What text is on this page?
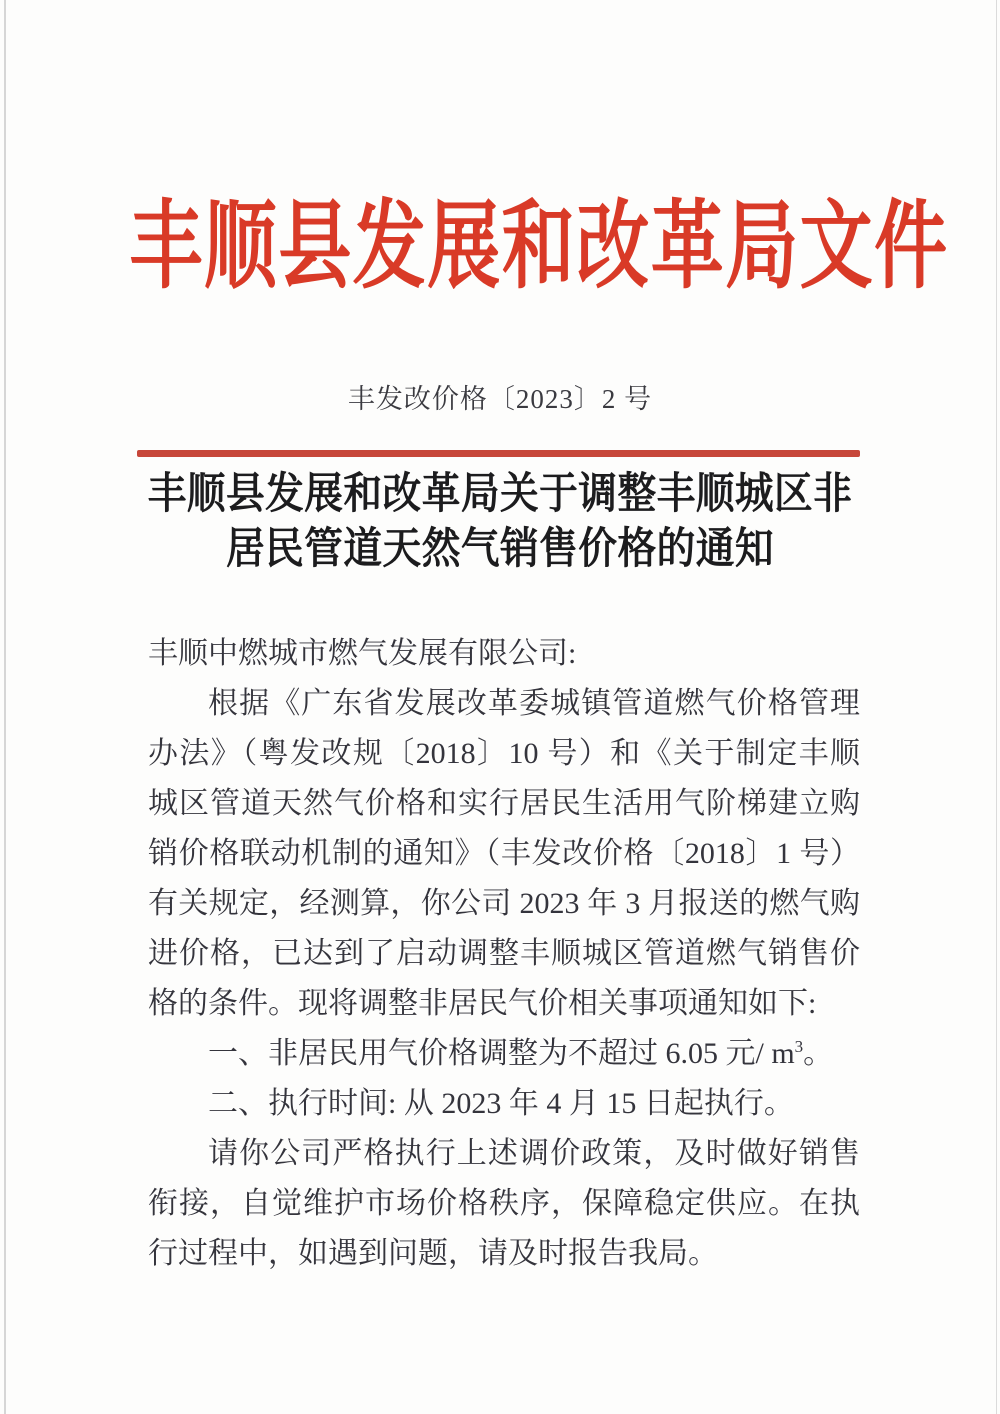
丰顺县发展和改革局文件
丰发改价格〔2023〕2 号
丰顺县发展和改革局关于调整丰顺城区非
居民管道天然气销售价格的通知

丰顺中燃城市燃气发展有限公司:

根据《广东省发展改革委城镇管道燃气价格管理办法》（粤发改规〔2018〕10 号）和《关于制定丰顺城区管道天然气价格和实行居民生活用气阶梯建立购销价格联动机制的通知》（丰发改价格〔2018〕1 号）有关规定，经测算，你公司 2023 年 3 月报送的燃气购进价格，已达到了启动调整丰顺城区管道燃气销售价格的条件。现将调整非居民气价相关事项通知如下:

一、非居民用气价格调整为不超过 6.05 元/ $m^3$。

二、执行时间: 从 2023 年 4 月 15 日起执行。

请你公司严格执行上述调价政策，及时做好销售衔接，自觉维护市场价格秩序，保障稳定供应。在执行过程中，如遇到问题，请及时报告我局。
